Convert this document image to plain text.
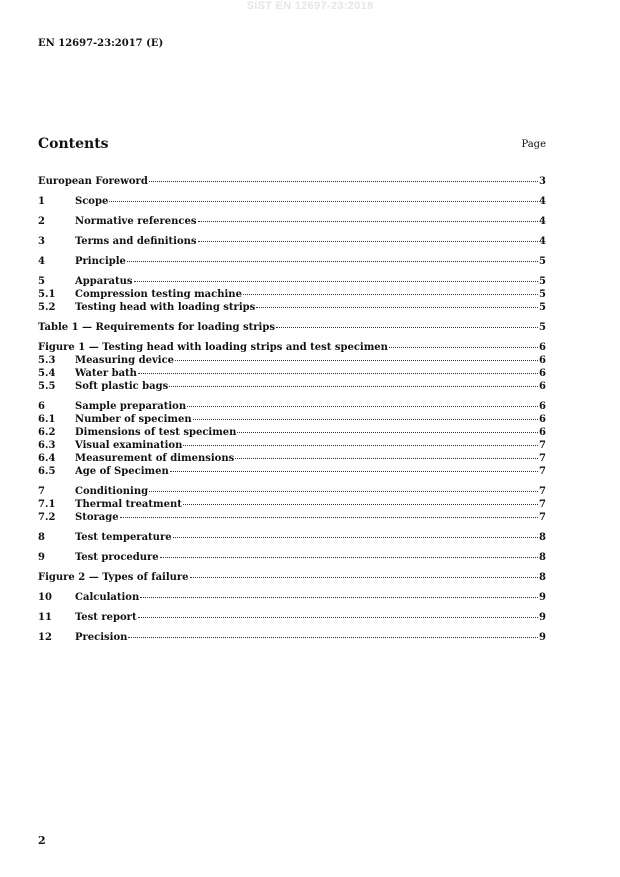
SIST EN 12697-23:2018
EN 12697-23:2017 (E)
Contents	Page
European Foreword	3
1	Scope	4
2	Normative references	4
3	Terms and definitions	4
4	Principle	5
5	Apparatus	5
5.1	Compression testing machine	5
5.2	Testing head with loading strips	5
Table 1 — Requirements for loading strips	5
Figure 1 — Testing head with loading strips and test specimen	6
5.3	Measuring device	6
5.4	Water bath	6
5.5	Soft plastic bags	6
6	Sample preparation	6
6.1	Number of specimen	6
6.2	Dimensions of test specimen	6
6.3	Visual examination	7
6.4	Measurement of dimensions	7
6.5	Age of Specimen	7
7	Conditioning	7
7.1	Thermal treatment	7
7.2	Storage	7
8	Test temperature	8
9	Test procedure	8
Figure 2 — Types of failure	8
10	Calculation	9
11	Test report	9
12	Precision	9
2
